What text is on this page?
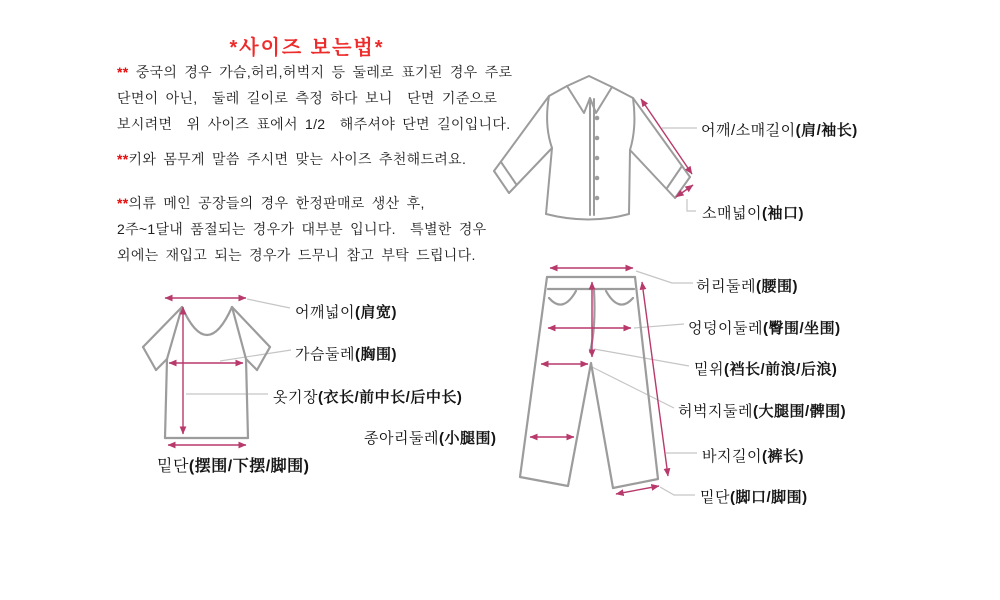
*사이즈 보는법*
** 중국의 경우 가슴,허리,허벅지 등 둘레로 표기된 경우 주로
단면이 아닌,  둘레 길이로 측정 하다 보니  단면 기준으로
보시려면  위 사이즈 표에서 1/2  해주셔야 단면 길이입니다.
**키와 몸무게 말씀 주시면 맞는 사이즈 추천해드려요.
**의류 메인 공장들의 경우 한정판매로 생산 후,
2주~1달내 품절되는 경우가 대부분 입니다.  특별한 경우
외에는 재입고 되는 경우가 드무니 참고 부탁 드립니다.
어깨/소매길이(肩/袖长)
소매넓이(袖口)
어깨넓이(肩宽)
가슴둘레(胸围)
옷기장(衣长/前中长/后中长)
밑단(摆围/下摆/脚围)
종아리둘레(小腿围)
허리둘레(腰围)
엉덩이둘레(臀围/坐围)
밑위(裆长/前浪/后浪)
허벅지둘레(大腿围/髀围)
바지길이(裤长)
밑단(脚口/脚围)
